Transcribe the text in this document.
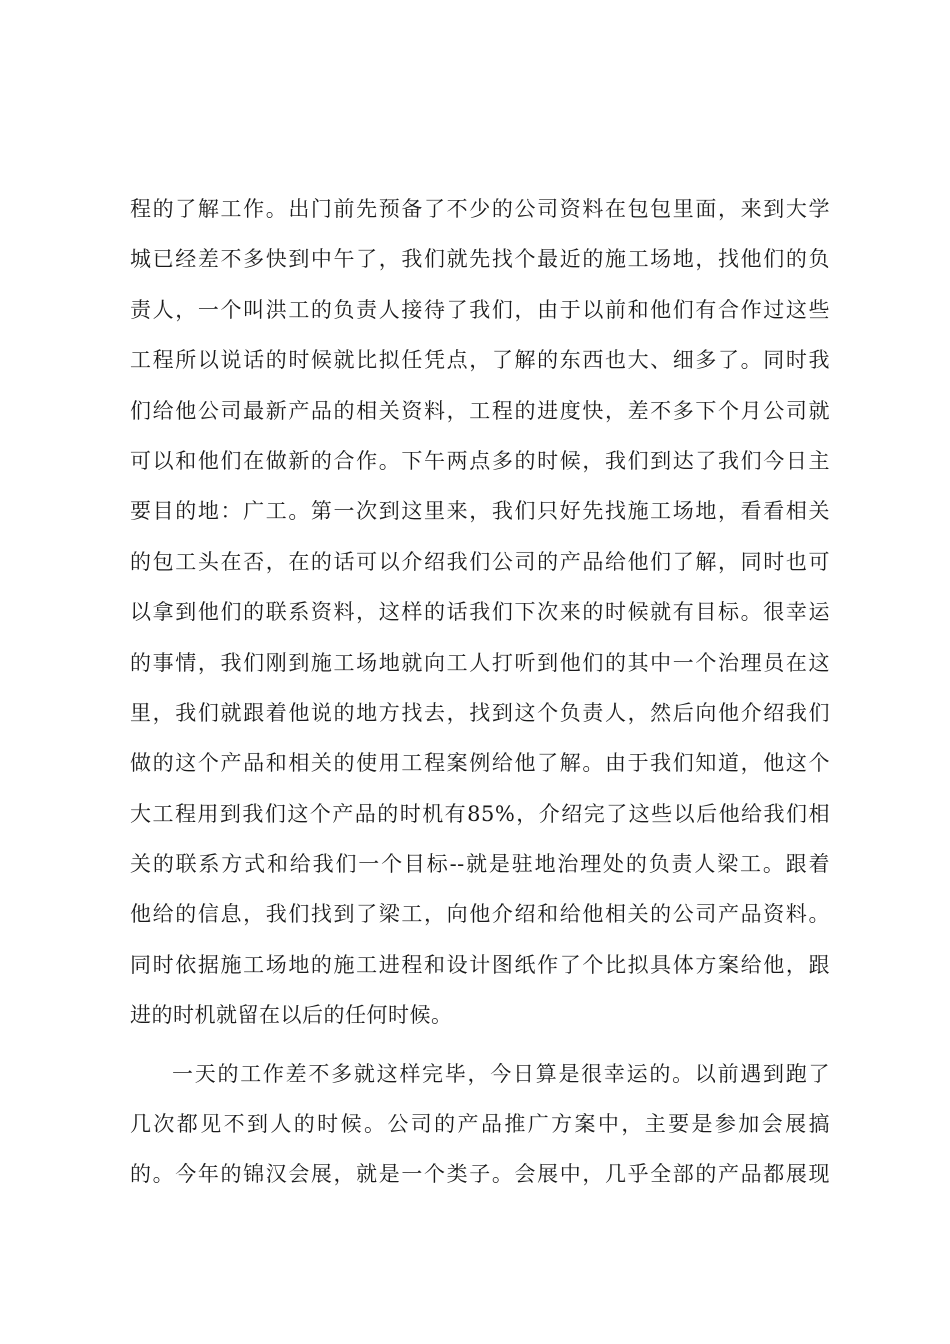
程的了解工作。出门前先预备了不少的公司资料在包包里面，来到大学
城已经差不多快到中午了，我们就先找个最近的施工场地，找他们的负
责人，一个叫洪工的负责人接待了我们，由于以前和他们有合作过这些
工程所以说话的时候就比拟任凭点，了解的东西也大、细多了。同时我
们给他公司最新产品的相关资料，工程的进度快，差不多下个月公司就
可以和他们在做新的合作。下午两点多的时候，我们到达了我们今日主
要目的地：广工。第一次到这里来，我们只好先找施工场地，看看相关
的包工头在否，在的话可以介绍我们公司的产品给他们了解，同时也可
以拿到他们的联系资料，这样的话我们下次来的时候就有目标。很幸运
的事情，我们刚到施工场地就向工人打听到他们的其中一个治理员在这
里，我们就跟着他说的地方找去，找到这个负责人，然后向他介绍我们
做的这个产品和相关的使用工程案例给他了解。由于我们知道，他这个
大工程用到我们这个产品的时机有85%，介绍完了这些以后他给我们相
关的联系方式和给我们一个目标--就是驻地治理处的负责人梁工。跟着
他给的信息，我们找到了梁工，向他介绍和给他相关的公司产品资料。
同时依据施工场地的施工进程和设计图纸作了个比拟具体方案给他，跟
进的时机就留在以后的任何时候。
一天的工作差不多就这样完毕，今日算是很幸运的。以前遇到跑了
几次都见不到人的时候。公司的产品推广方案中，主要是参加会展搞
的。今年的锦汉会展，就是一个类子。会展中，几乎全部的产品都展现
